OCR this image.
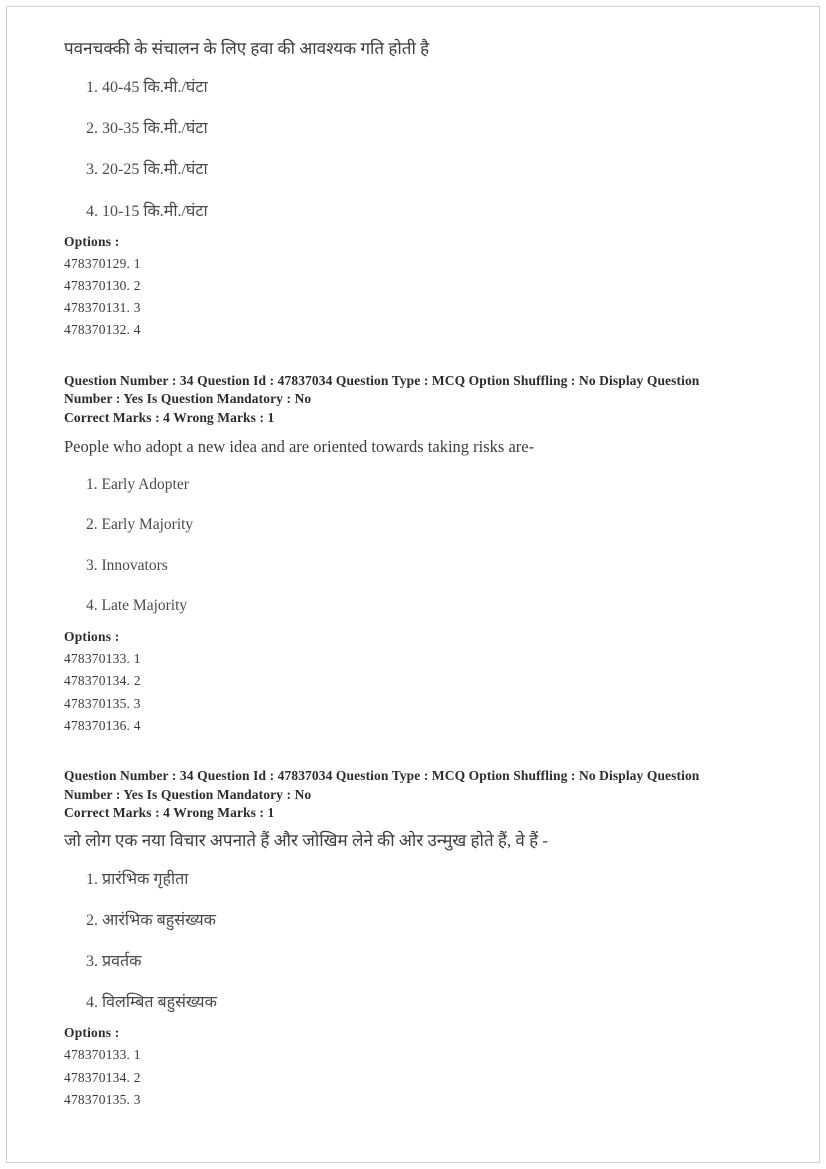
पवनचक्की के संचालन के लिए हवा की आवश्यक गति होती है

1. 40-45 कि.मी./घंटा
2. 30-35 कि.मी./घंटा
3. 20-25 कि.मी./घंटा
4. 10-15 कि.मी./घंटा
Options :
478370129. 1
478370130. 2
478370131. 3
478370132. 4

Question Number : 34 Question Id : 47837034 Question Type : MCQ Option Shuffling : No Display Question

Number : Yes Is Question Mandatory : No

Correct Marks : 4 Wrong Marks : 1

People who adopt a new idea and are oriented towards taking risks are-

1. Early Adopter
2. Early Majority
3. Innovators
4. Late Majority
Options :
478370133. 1
478370134. 2
478370135. 3
478370136. 4

Question Number : 34 Question Id : 47837034 Question Type : MCQ Option Shuffling : No Display Question

Number : Yes Is Question Mandatory : No

Correct Marks : 4 Wrong Marks : 1

जो लोग एक नया विचार अपनाते हैं और जोखिम लेने की ओर उन्मुख होते हैं, वे हैं -

1. प्रारंभिक गृहीता
2. आरंभिक बहुसंख्यक
3. प्रवर्तक
4. विलम्बित बहुसंख्यक
Options :
478370133. 1
478370134. 2
478370135. 3
